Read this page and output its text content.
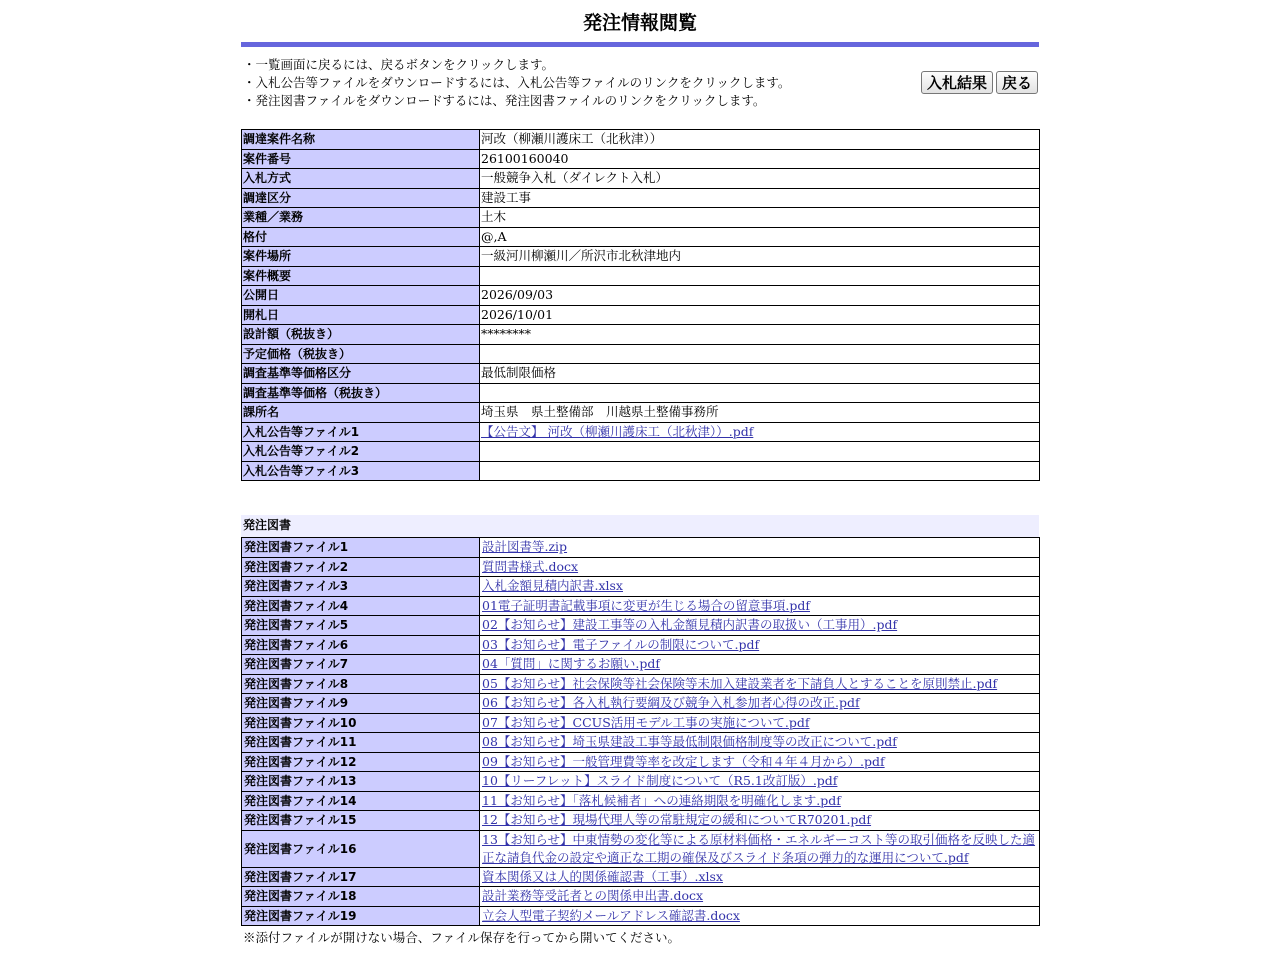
発注情報閲覧
・一覧画面に戻るには、戻るボタンをクリックします。
・入札公告等ファイルをダウンロードするには、入札公告等ファイルのリンクをクリックします。
・発注図書ファイルをダウンロードするには、発注図書ファイルのリンクをクリックします。
入札結果	戻る
調達案件名称	河改（柳瀬川護床工（北秋津））
案件番号	26100160040
入札方式	一般競争入札（ダイレクト入札）
調達区分	建設工事
業種／業務	土木
格付	@,A
案件場所	一級河川柳瀬川／所沢市北秋津地内
案件概要	
公開日	2026/09/03
開札日	2026/10/01
設計額（税抜き）	********
予定価格（税抜き）	
調査基準等価格区分	最低制限価格
調査基準等価格（税抜き）	
課所名	埼玉県　県土整備部　川越県土整備事務所
入札公告等ファイル1	【公告文】 河改（柳瀬川護床工（北秋津））.pdf
入札公告等ファイル2	
入札公告等ファイル3	
発注図書
発注図書ファイル1	設計図書等.zip
発注図書ファイル2	質問書様式.docx
発注図書ファイル3	入札金額見積内訳書.xlsx
発注図書ファイル4	01電子証明書記載事項に変更が生じる場合の留意事項.pdf
発注図書ファイル5	02【お知らせ】建設工事等の入札金額見積内訳書の取扱い（工事用）.pdf
発注図書ファイル6	03【お知らせ】電子ファイルの制限について.pdf
発注図書ファイル7	04「質問」に関するお願い.pdf
発注図書ファイル8	05【お知らせ】社会保険等社会保険等未加入建設業者を下請負人とすることを原則禁止.pdf
発注図書ファイル9	06【お知らせ】各入札執行要綱及び競争入札参加者心得の改正.pdf
発注図書ファイル10	07【お知らせ】CCUS活用モデル工事の実施について.pdf
発注図書ファイル11	08【お知らせ】埼玉県建設工事等最低制限価格制度等の改正について.pdf
発注図書ファイル12	09【お知らせ】一般管理費等率を改定します（令和４年４月から）.pdf
発注図書ファイル13	10【リーフレット】スライド制度について（R5.1改訂版）.pdf
発注図書ファイル14	11【お知らせ】「落札候補者」への連絡期限を明確化します.pdf
発注図書ファイル15	12【お知らせ】現場代理人等の常駐規定の緩和についてR70201.pdf
発注図書ファイル16	13【お知らせ】中東情勢の変化等による原材料価格・エネルギーコスト等の取引価格を反映した適正な請負代金の設定や適正な工期の確保及びスライド条項の弾力的な運用について.pdf
発注図書ファイル17	資本関係又は人的関係確認書（工事）.xlsx
発注図書ファイル18	設計業務等受託者との関係申出書.docx
発注図書ファイル19	立会人型電子契約メールアドレス確認書.docx
※添付ファイルが開けない場合、ファイル保存を行ってから開いてください。
